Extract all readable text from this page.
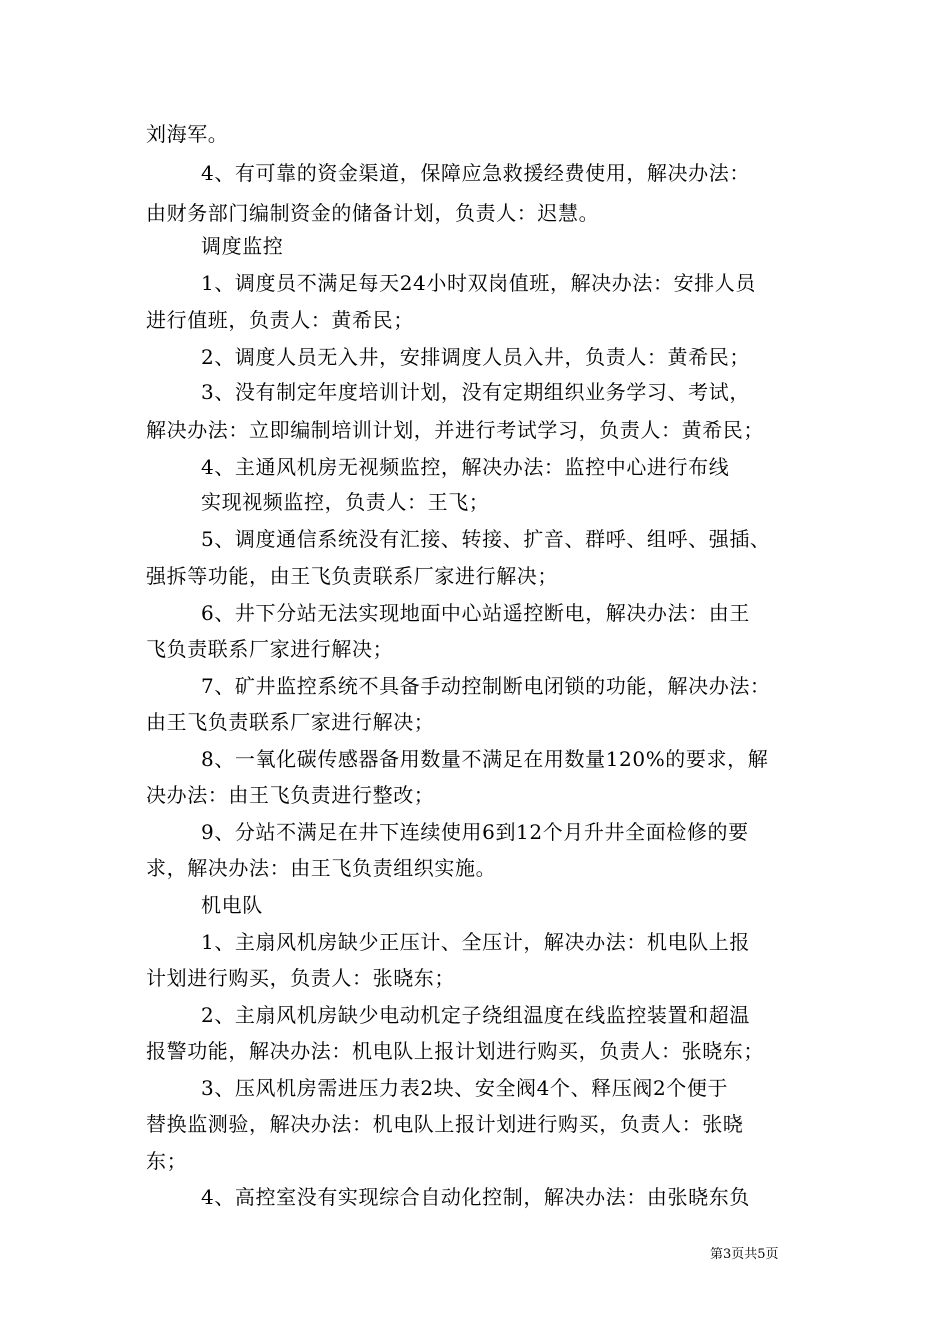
刘海军。
4、有可靠的资金渠道，保障应急救援经费使用，解决办法：
由财务部门编制资金的储备计划，负责人：迟慧。
调度监控
1、调度员不满足每天24小时双岗值班，解决办法：安排人员
进行值班，负责人：黄希民；
2、调度人员无入井，安排调度人员入井，负责人：黄希民；
3、没有制定年度培训计划，没有定期组织业务学习、考试，
解决办法：立即编制培训计划，并进行考试学习，负责人：黄希民；
4、主通风机房无视频监控，解决办法：监控中心进行布线
实现视频监控，负责人：王飞；
5、调度通信系统没有汇接、转接、扩音、群呼、组呼、强插、
强拆等功能，由王飞负责联系厂家进行解决；
6、井下分站无法实现地面中心站遥控断电，解决办法：由王
飞负责联系厂家进行解决；
7、矿井监控系统不具备手动控制断电闭锁的功能，解决办法：
由王飞负责联系厂家进行解决；
8、一氧化碳传感器备用数量不满足在用数量120%的要求，解
决办法：由王飞负责进行整改；
9、分站不满足在井下连续使用6到12个月升井全面检修的要
求，解决办法：由王飞负责组织实施。
机电队
1、主扇风机房缺少正压计、全压计，解决办法：机电队上报
计划进行购买，负责人：张晓东；
2、主扇风机房缺少电动机定子绕组温度在线监控装置和超温
报警功能，解决办法：机电队上报计划进行购买，负责人：张晓东；
3、压风机房需进压力表2块、安全阀4个、释压阀2个便于
替换监测验，解决办法：机电队上报计划进行购买，负责人：张晓
东；
4、高控室没有实现综合自动化控制，解决办法：由张晓东负
第3页共5页
